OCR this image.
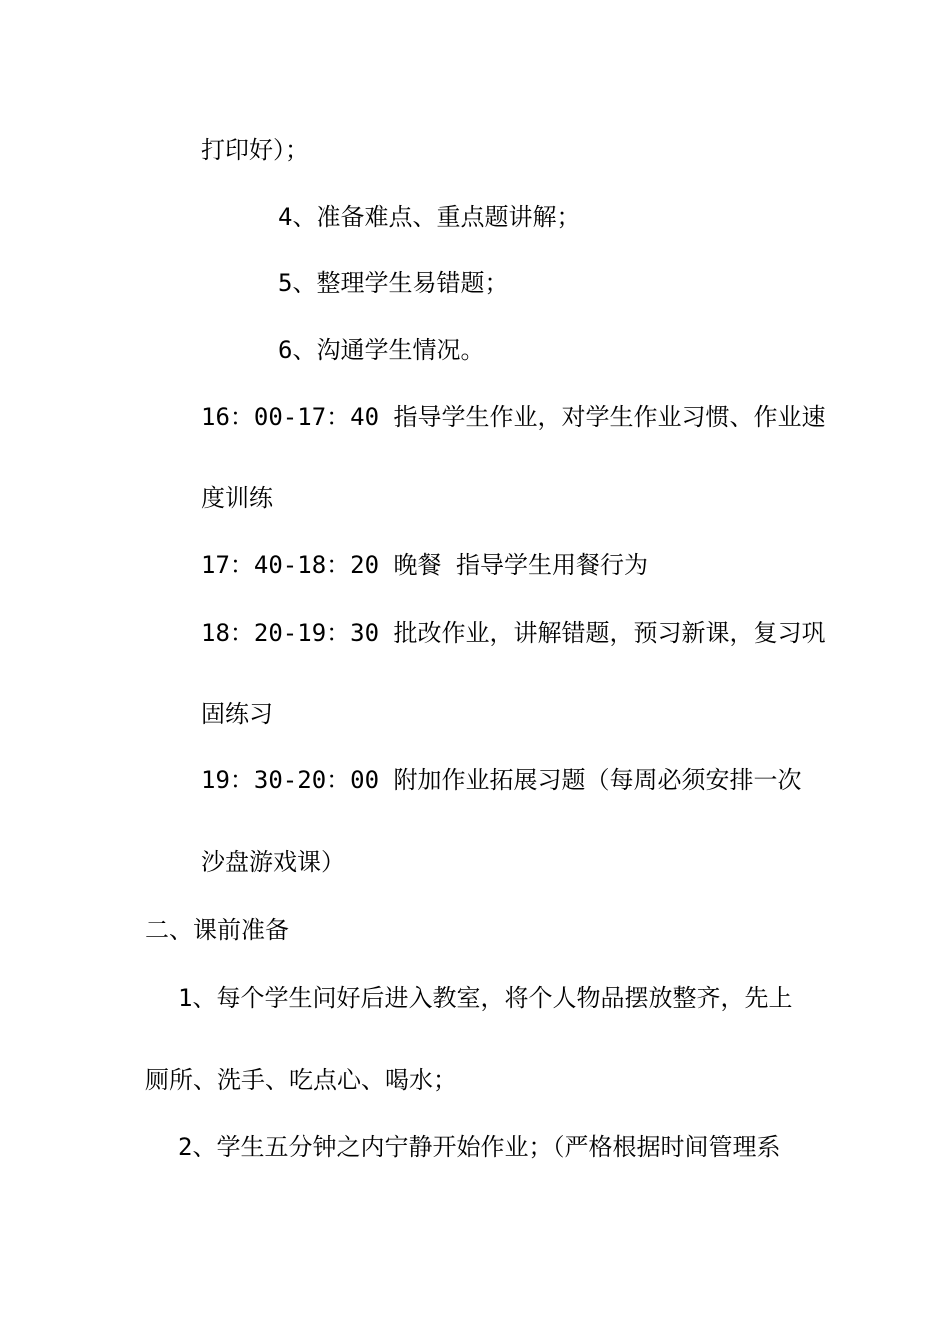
打印好）；
4、准备难点、重点题讲解；
5、整理学生易错题；
6、沟通学生情况。
16：00-17：40 指导学生作业，对学生作业习惯、作业速
度训练
17：40-18：20 晚餐 指导学生用餐行为
18：20-19：30 批改作业，讲解错题，预习新课，复习巩
固练习
19：30-20：00 附加作业拓展习题（每周必须安排一次
沙盘游戏课）
二、课前准备
1、每个学生问好后进入教室，将个人物品摆放整齐，先上
厕所、洗手、吃点心、喝水；
2、学生五分钟之内宁静开始作业；（严格根据时间管理系
